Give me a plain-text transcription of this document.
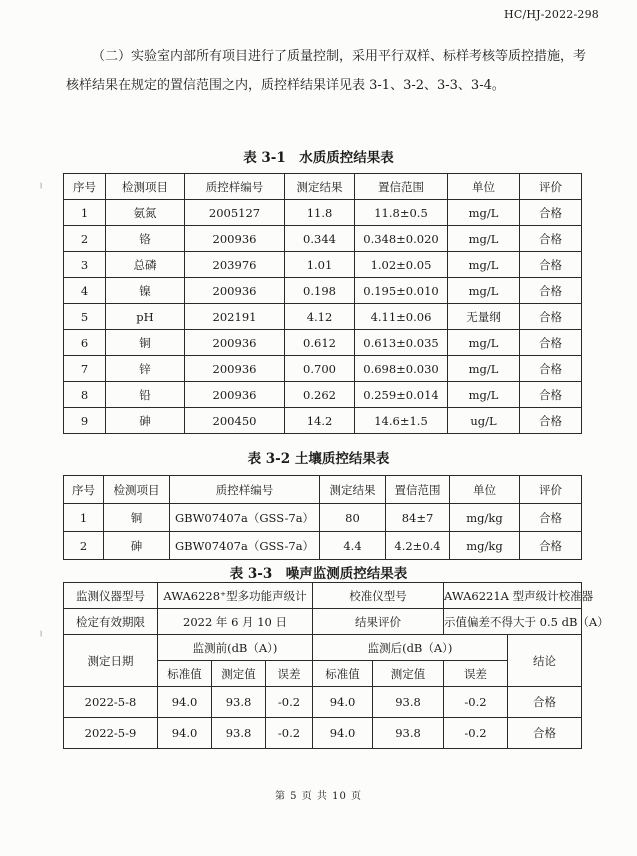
HC/HJ-2022-298
（二）实验室内部所有项目进行了质量控制，采用平行双样、标样考核等质控措施，考核样结果在规定的置信范围之内，质控样结果详见表 3-1、3-2、3-3、3-4。
表 3-1　水质质控结果表
序号	检测项目	质控样编号	测定结果	置信范围	单位	评价
1	氨氮	2005127	11.8	11.8±0.5	mg/L	合格
2	铬	200936	0.344	0.348±0.020	mg/L	合格
3	总磷	203976	1.01	1.02±0.05	mg/L	合格
4	镍	200936	0.198	0.195±0.010	mg/L	合格
5	pH	202191	4.12	4.11±0.06	无量纲	合格
6	铜	200936	0.612	0.613±0.035	mg/L	合格
7	锌	200936	0.700	0.698±0.030	mg/L	合格
8	铅	200936	0.262	0.259±0.014	mg/L	合格
9	砷	200450	14.2	14.6±1.5	ug/L	合格
表 3-2 土壤质控结果表
序号	检测项目	质控样编号	测定结果	置信范围	单位	评价
1	铜	GBW07407a（GSS-7a）	80	84±7	mg/kg	合格
2	砷	GBW07407a（GSS-7a）	4.4	4.2±0.4	mg/kg	合格
表 3-3　噪声监测质控结果表
监测仪器型号	AWA6228⁺型多功能声级计			校准仪型号		AWA6221A 型声级计校准器	
检定有效期限	2022 年 6 月 10 日			结果评价		示值偏差不得大于 0.5 dB（A）	
测定日期	监测前(dB（A）)			监测后(dB（A）)			结论
	标准值	测定值	误差	标准值	测定值	误差	
2022-5-8	94.0	93.8	-0.2	94.0	93.8	-0.2	合格
2022-5-9	94.0	93.8	-0.2	94.0	93.8	-0.2	合格
第 5 页 共 10 页
╵
╵
